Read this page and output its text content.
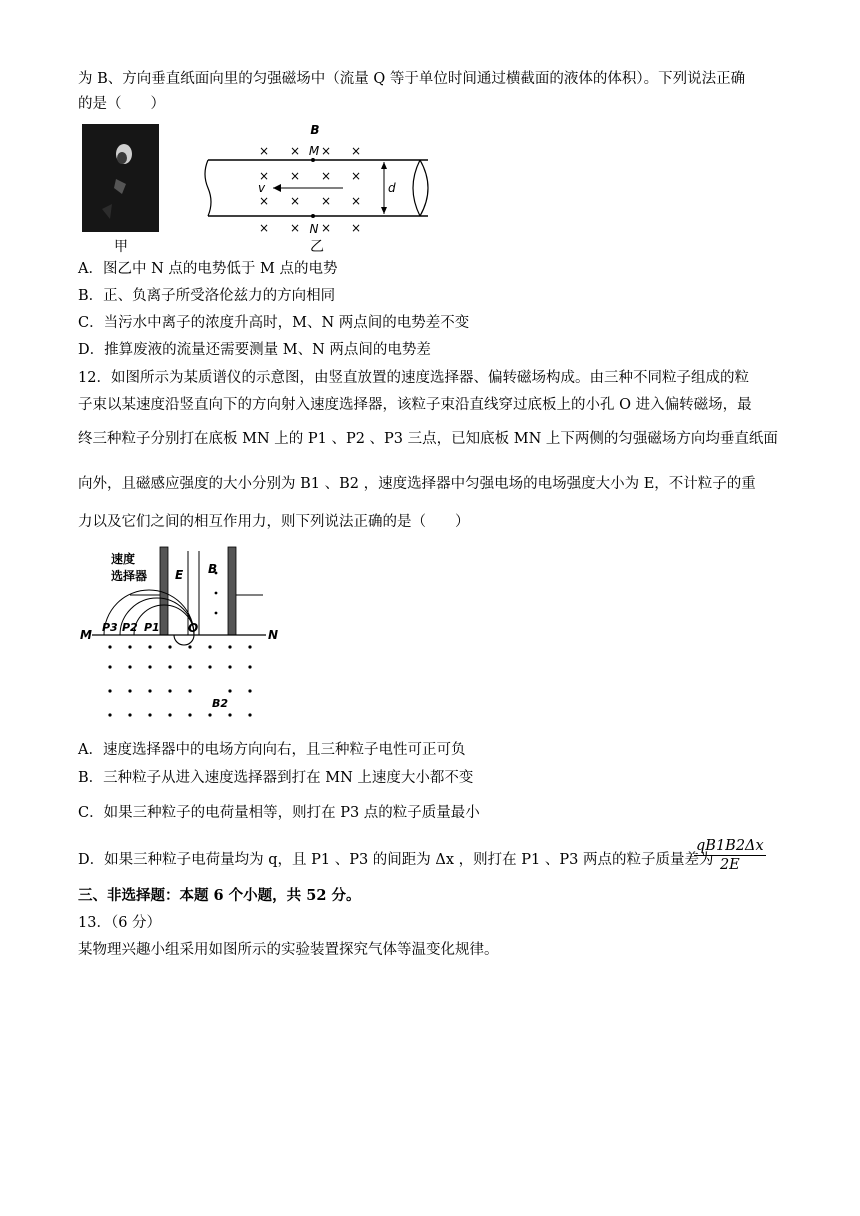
为 B、方向垂直纸面向里的匀强磁场中（流量 Q 等于单位时间通过横截面的液体的体积）。下列说法正确
的是（　　）
甲
× × × ×
× × × ×
× × × ×
× × × ×
B
M
N
v	d
乙
A．图乙中 N 点的电势低于 M 点的电势
B．正、负离子所受洛伦兹力的方向相同
C．当污水中离子的浓度升高时，M、N 两点间的电势差不变
D．推算废液的流量还需要测量 M、N 两点间的电势差
12．如图所示为某质谱仪的示意图，由竖直放置的速度选择器、偏转磁场构成。由三种不同粒子组成的粒
子束以某速度沿竖直向下的方向射入速度选择器，该粒子束沿直线穿过底板上的小孔 O 进入偏转磁场，最
终三种粒子分别打在底板 MN 上的 P1 、P2 、P3 三点，已知底板 MN 上下两侧的匀强磁场方向均垂直纸面
向外，且磁感应强度的大小分别为 B1 、B2 ，速度选择器中匀强电场的电场强度大小为 E，不计粒子的重
力以及它们之间的相互作用力，则下列说法正确的是（　　）
速度
选择器 E B
O
M	N
P3 P2 P1
B2
A．速度选择器中的电场方向向右，且三种粒子电性可正可负
B．三种粒子从进入速度选择器到打在 MN 上速度大小都不变
C．如果三种粒子的电荷量相等，则打在 P3 点的粒子质量最小
D．如果三种粒子电荷量均为 q，且 P1 、P3 的间距为 Δx ，则打在 P1 、P3 两点的粒子质量差为
$\frac{qB1B2\Delta x}{2E}$
三、非选择题：本题 6 个小题，共 52 分。
13．（6 分）
某物理兴趣小组采用如图所示的实验装置探究气体等温变化规律。
